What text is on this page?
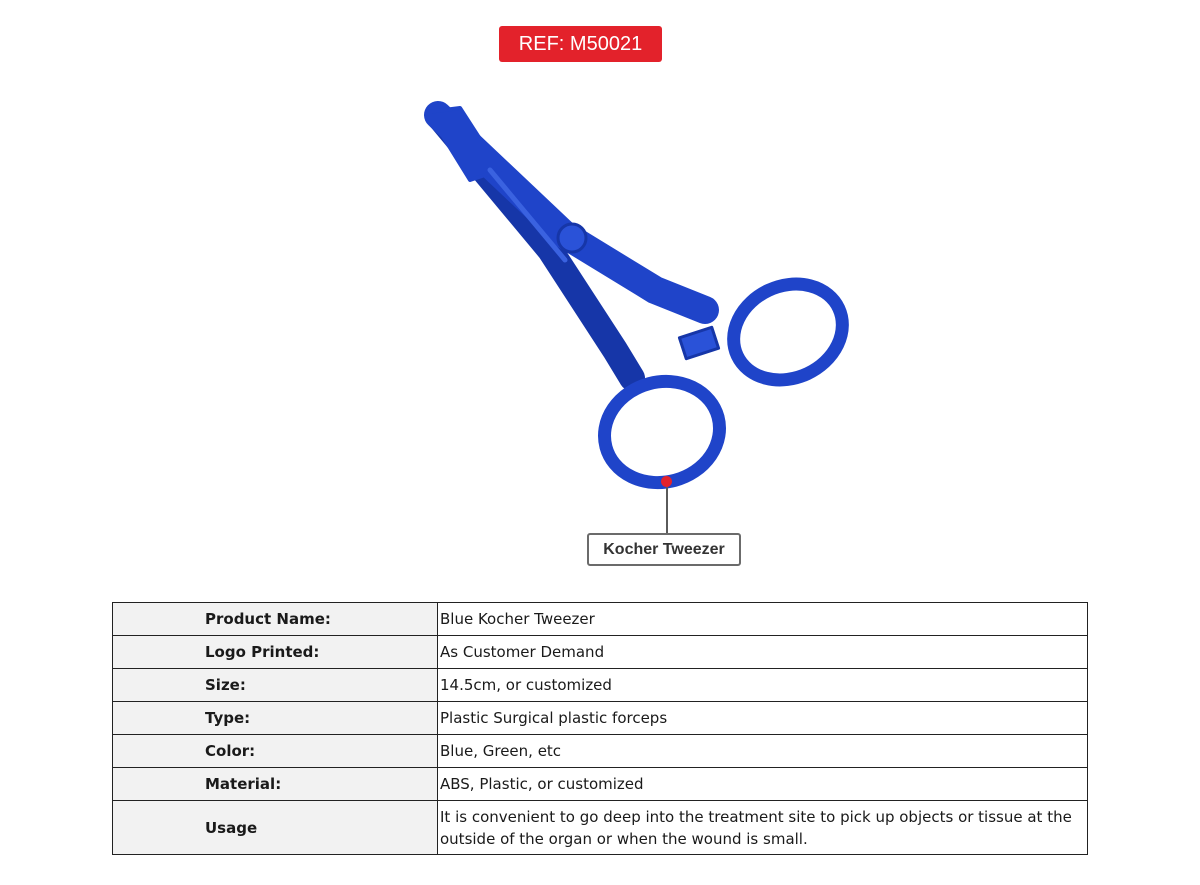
REF: M50021
Kocher Tweezer
Product Name:	Blue Kocher Tweezer
Logo Printed:	As Customer Demand
Size:	14.5cm, or customized
Type:	Plastic Surgical plastic forceps
Color:	Blue, Green, etc
Material:	ABS, Plastic, or customized
Usage	It is convenient to go deep into the treatment site to pick up objects or tissue at the outside of the organ or when the wound is small.
